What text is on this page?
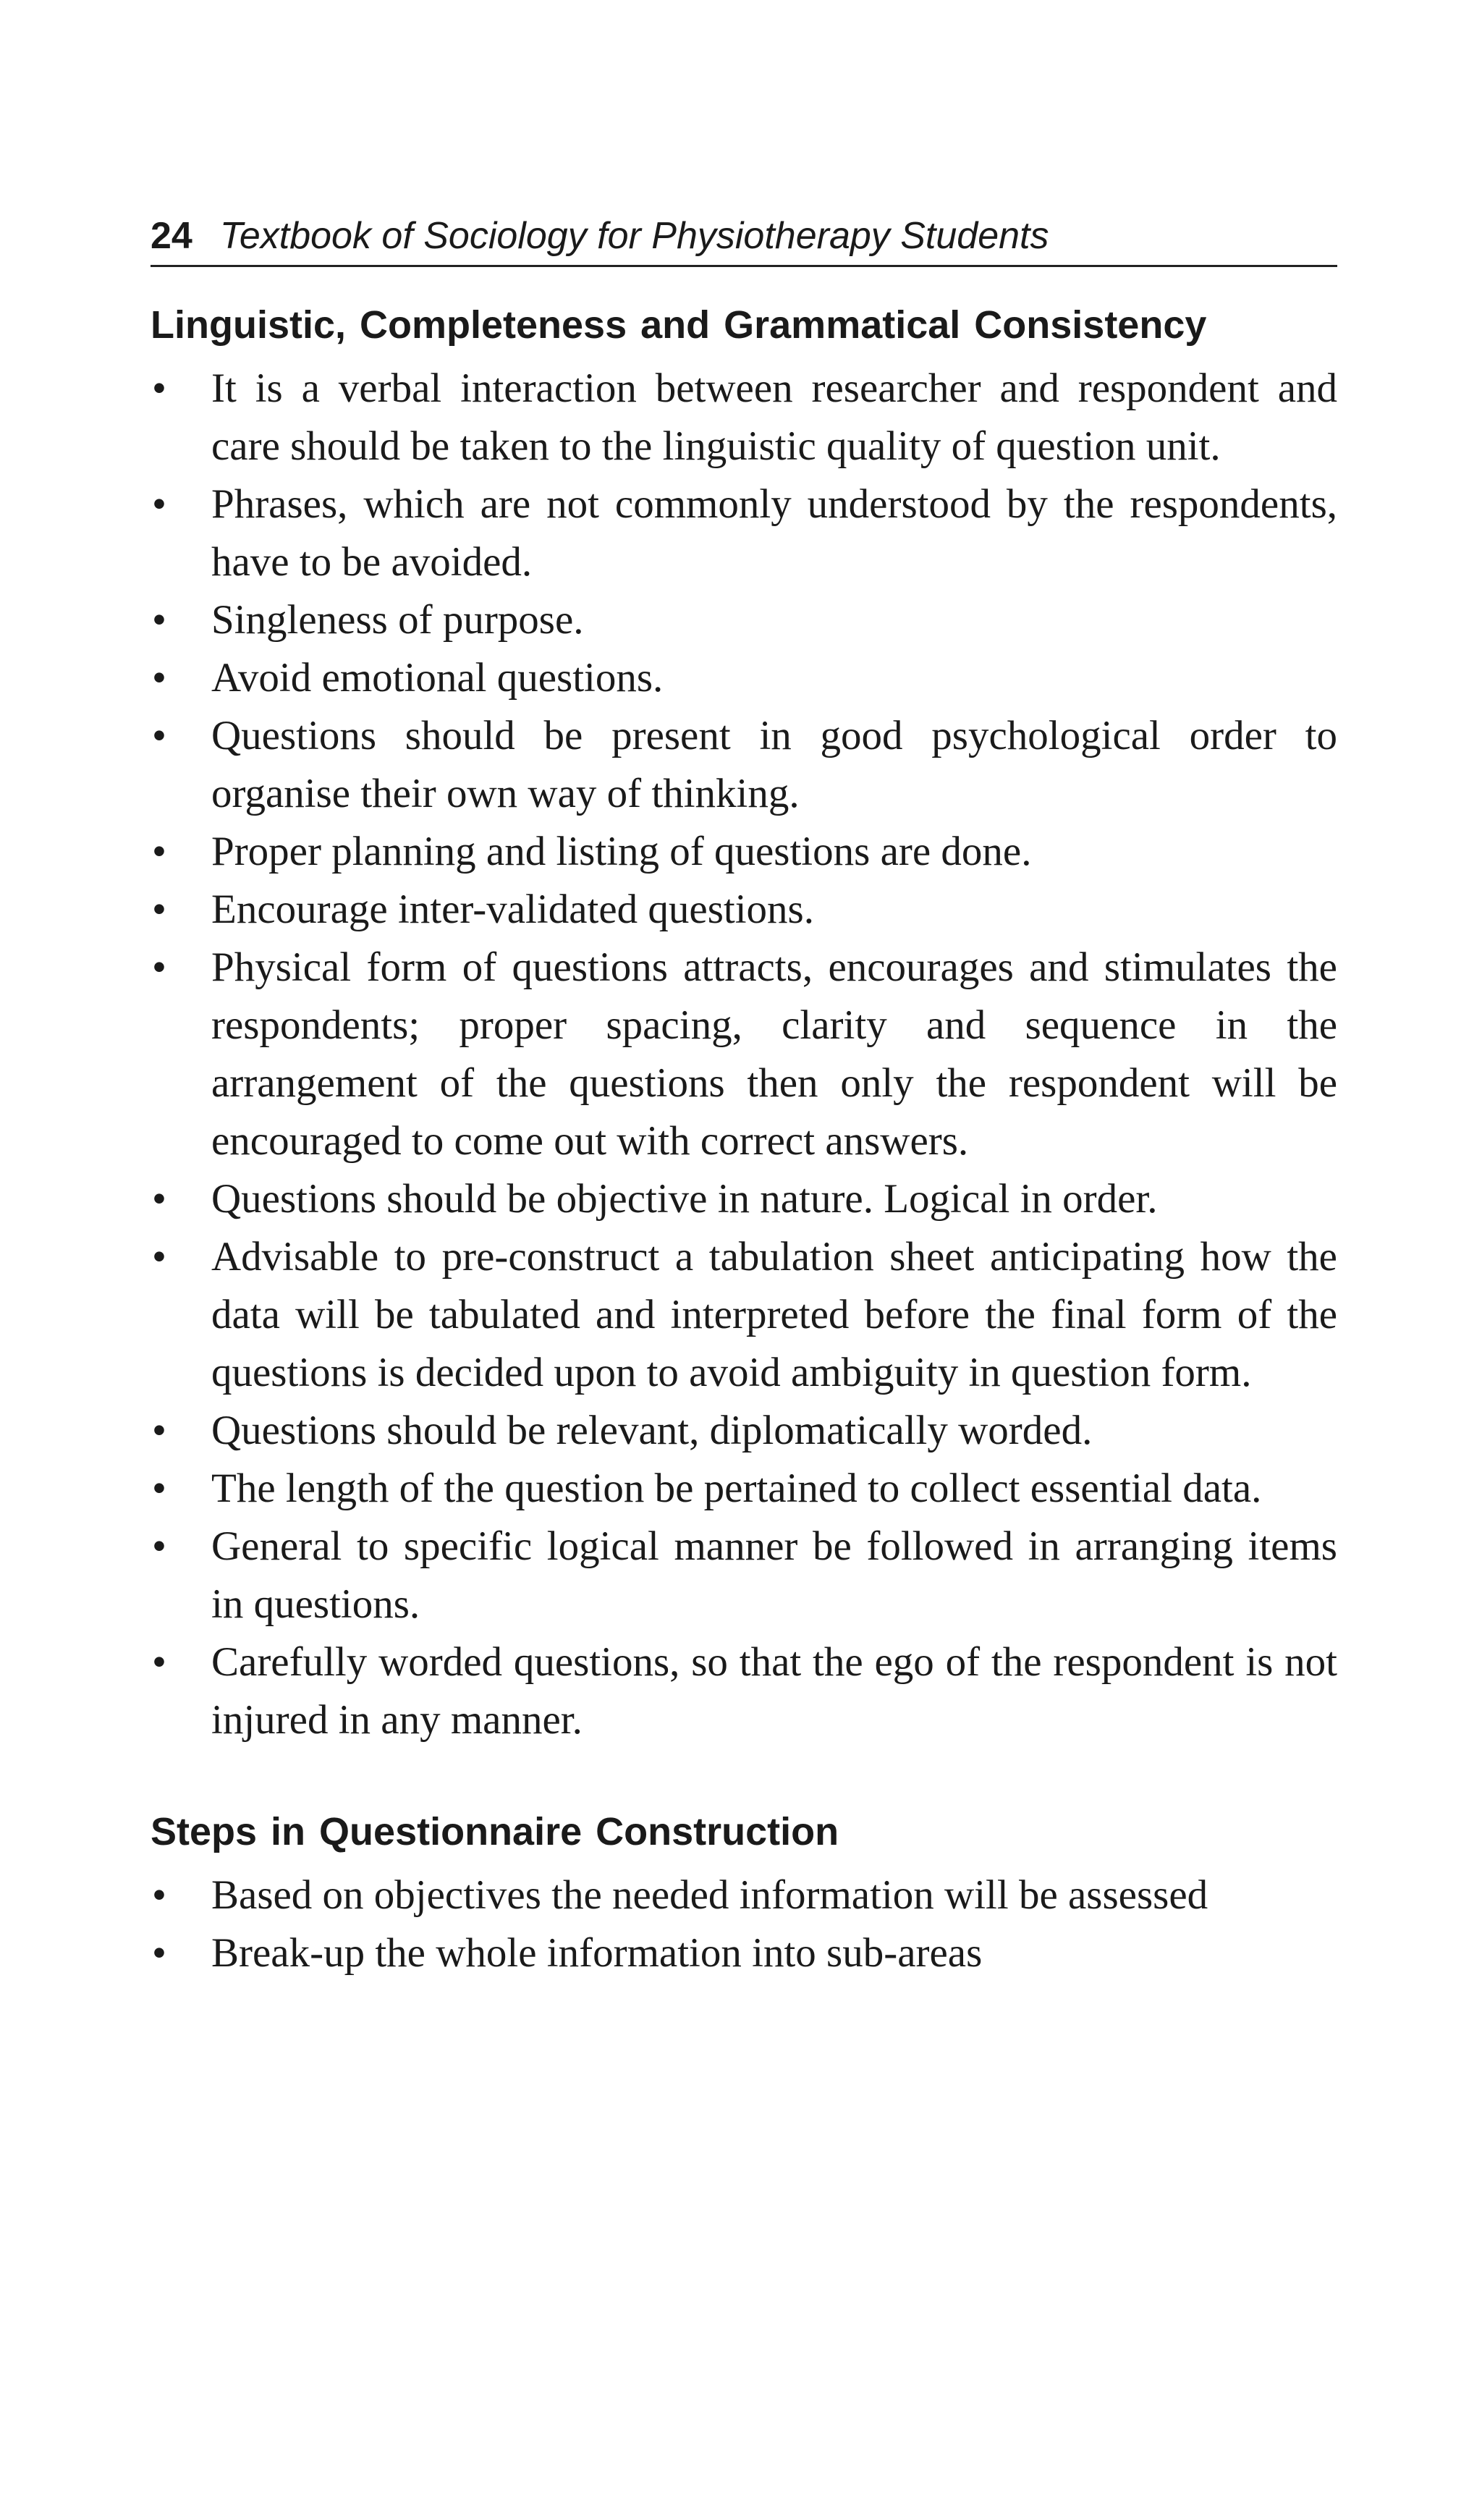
24 Textbook of Sociology for Physiotherapy Students
Linguistic, Completeness and Grammatical Consistency
• It is a verbal interaction between researcher and respondent and care should be taken to the linguistic quality of question unit.
• Phrases, which are not commonly understood by the respondents, have to be avoided.
• Singleness of purpose.
• Avoid emotional questions.
• Questions should be present in good psychological order to organise their own way of thinking.
• Proper planning and listing of questions are done.
• Encourage inter-validated questions.
• Physical form of questions attracts, encourages and stimulates the respondents; proper spacing, clarity and sequence in the arrangement of the questions then only the respondent will be encouraged to come out with correct answers.
• Questions should be objective in nature. Logical in order.
• Advisable to pre-construct a tabulation sheet anticipating how the data will be tabulated and interpreted before the final form of the questions is decided upon to avoid ambiguity in question form.
• Questions should be relevant, diplomatically worded.
• The length of the question be pertained to collect essential data.
• General to specific logical manner be followed in arranging items in questions.
• Carefully worded questions, so that the ego of the respondent is not injured in any manner.
Steps in Questionnaire Construction
• Based on objectives the needed information will be assessed
• Break-up the whole information into sub-areas
